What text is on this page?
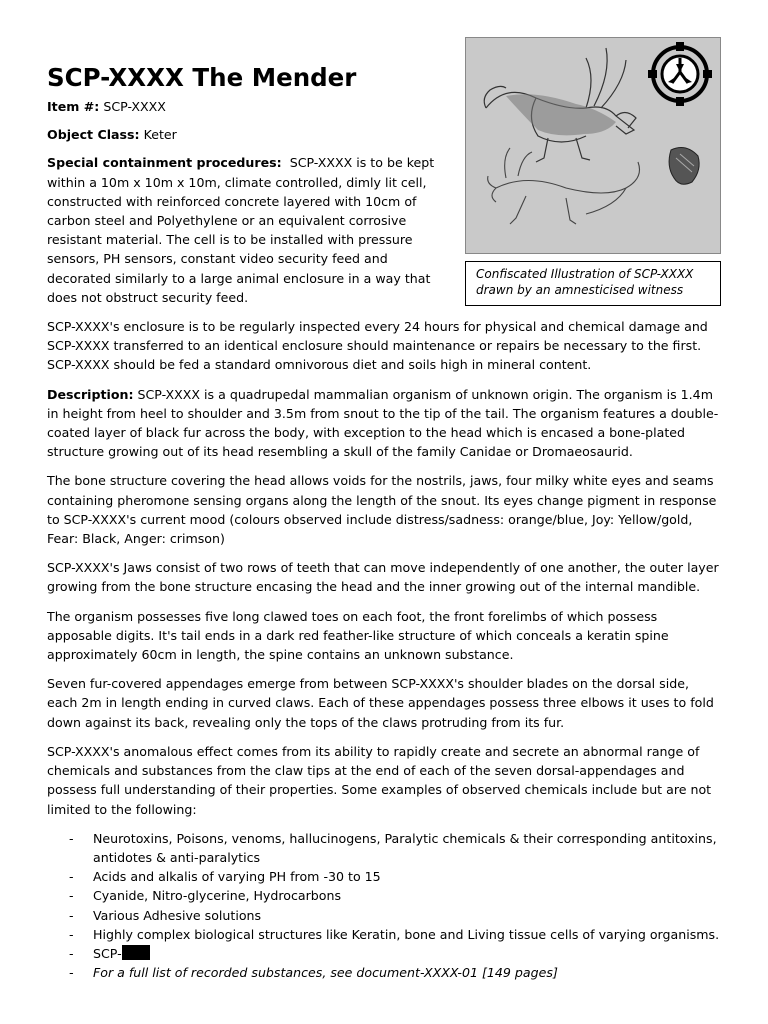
Confiscated Illustration of SCP-XXXX drawn by an amnesticised witness
SCP-XXXX The Mender

Item #: SCP-XXXX

Object Class: Keter

Special containment procedures: SCP-XXXX is to be kept within a 10m x 10m x 10m, climate controlled, dimly lit cell, constructed with reinforced concrete layered with 10cm of carbon steel and Polyethylene or an equivalent corrosive resistant material. The cell is to be installed with pressure sensors, PH sensors, constant video security feed and decorated similarly to a large animal enclosure in a way that does not obstruct security feed.

SCP-XXXX's enclosure is to be regularly inspected every 24 hours for physical and chemical damage and SCP-XXXX transferred to an identical enclosure should maintenance or repairs be necessary to the first. SCP-XXXX should be fed a standard omnivorous diet and soils high in mineral content.

Description: SCP-XXXX is a quadrupedal mammalian organism of unknown origin. The organism is 1.4m in height from heel to shoulder and 3.5m from snout to the tip of the tail. The organism features a double-coated layer of black fur across the body, with exception to the head which is encased a bone-plated structure growing out of its head resembling a skull of the family Canidae or Dromaeosaurid.

The bone structure covering the head allows voids for the nostrils, jaws, four milky white eyes and seams containing pheromone sensing organs along the length of the snout. Its eyes change pigment in response to SCP-XXXX's current mood (colours observed include distress/sadness: orange/blue, Joy: Yellow/gold, Fear: Black, Anger: crimson)

SCP-XXXX's Jaws consist of two rows of teeth that can move independently of one another, the outer layer growing from the bone structure encasing the head and the inner growing out of the internal mandible.

The organism possesses five long clawed toes on each foot, the front forelimbs of which possess apposable digits. It's tail ends in a dark red feather-like structure of which conceals a keratin spine approximately 60cm in length, the spine contains an unknown substance.

Seven fur-covered appendages emerge from between SCP-XXXX's shoulder blades on the dorsal side, each 2m in length ending in curved claws. Each of these appendages possess three elbows it uses to fold down against its back, revealing only the tops of the claws protruding from its fur.

SCP-XXXX's anomalous effect comes from its ability to rapidly create and secrete an abnormal range of chemicals and substances from the claw tips at the end of each of the seven dorsal-appendages and possess full understanding of their properties. Some examples of observed chemicals include but are not limited to the following:

- Neurotoxins, Poisons, venoms, hallucinogens, Paralytic chemicals & their corresponding antitoxins, antidotes & anti-paralytics
- Acids and alkalis of varying PH from -30 to 15
- Cyanide, Nitro-glycerine, Hydrocarbons
- Various Adhesive solutions
- Highly complex biological structures like Keratin, bone and Living tissue cells of varying organisms.
- SCP-
- For a full list of recorded substances, see document-XXXX-01 [149 pages]
